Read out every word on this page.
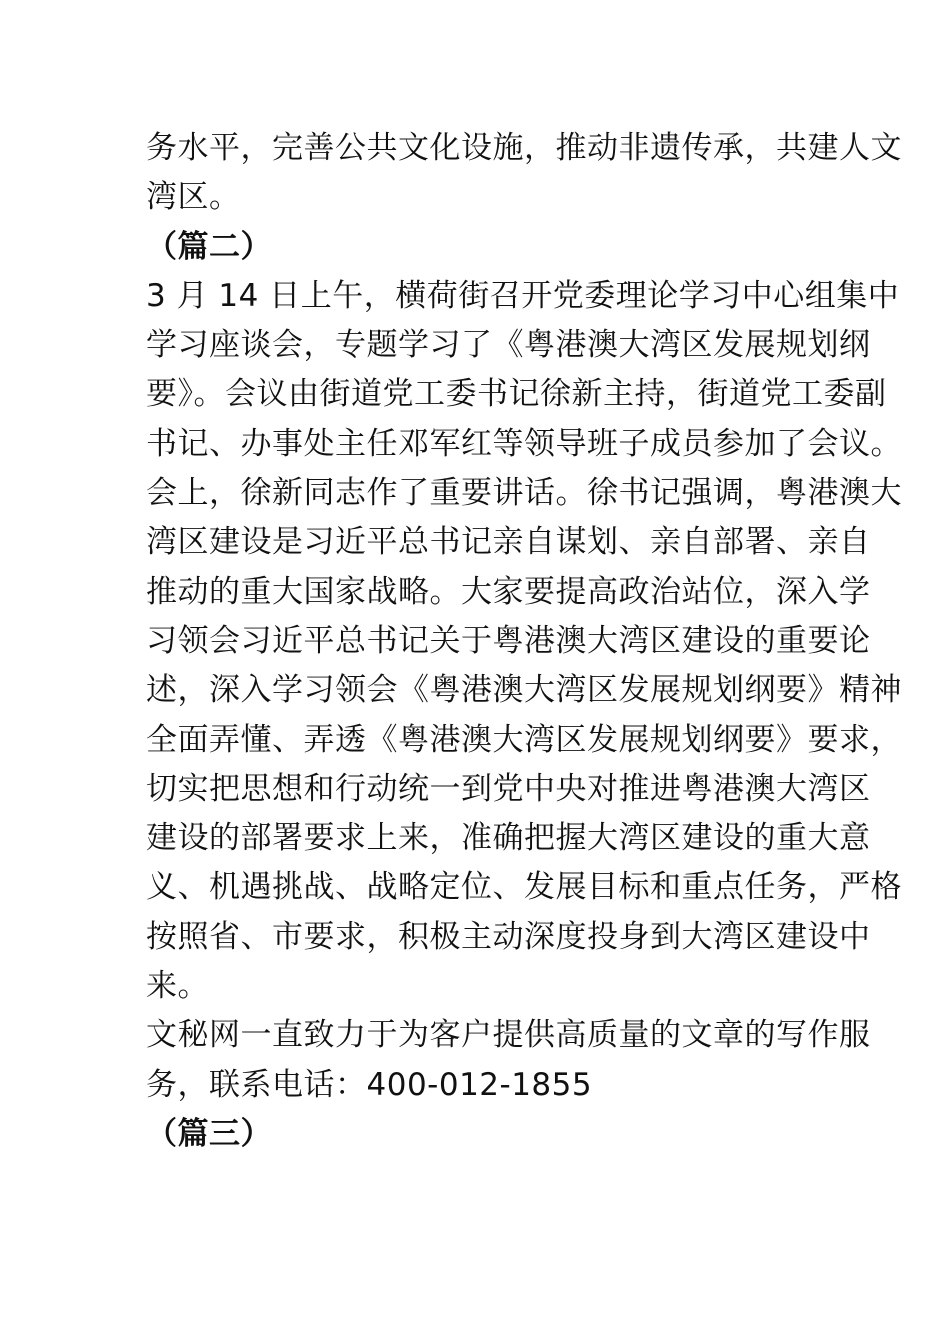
务水平，完善公共文化设施，推动非遗传承，共建人文
湾区。
（篇二）
3 月 14 日上午，横荷街召开党委理论学习中心组集中
学习座谈会，专题学习了《粤港澳大湾区发展规划纲
要》。会议由街道党工委书记徐新主持，街道党工委副
书记、办事处主任邓军红等领导班子成员参加了会议。
会上，徐新同志作了重要讲话。徐书记强调，粤港澳大
湾区建设是习近平总书记亲自谋划、亲自部署、亲自
推动的重大国家战略。大家要提高政治站位，深入学
习领会习近平总书记关于粤港澳大湾区建设的重要论
述，深入学习领会《粤港澳大湾区发展规划纲要》精神
全面弄懂、弄透《粤港澳大湾区发展规划纲要》要求，
切实把思想和行动统一到党中央对推进粤港澳大湾区
建设的部署要求上来，准确把握大湾区建设的重大意
义、机遇挑战、战略定位、发展目标和重点任务，严格
按照省、市要求，积极主动深度投身到大湾区建设中
来。
文秘网一直致力于为客户提供高质量的文章的写作服
务，联系电话：400-012-1855
（篇三）
